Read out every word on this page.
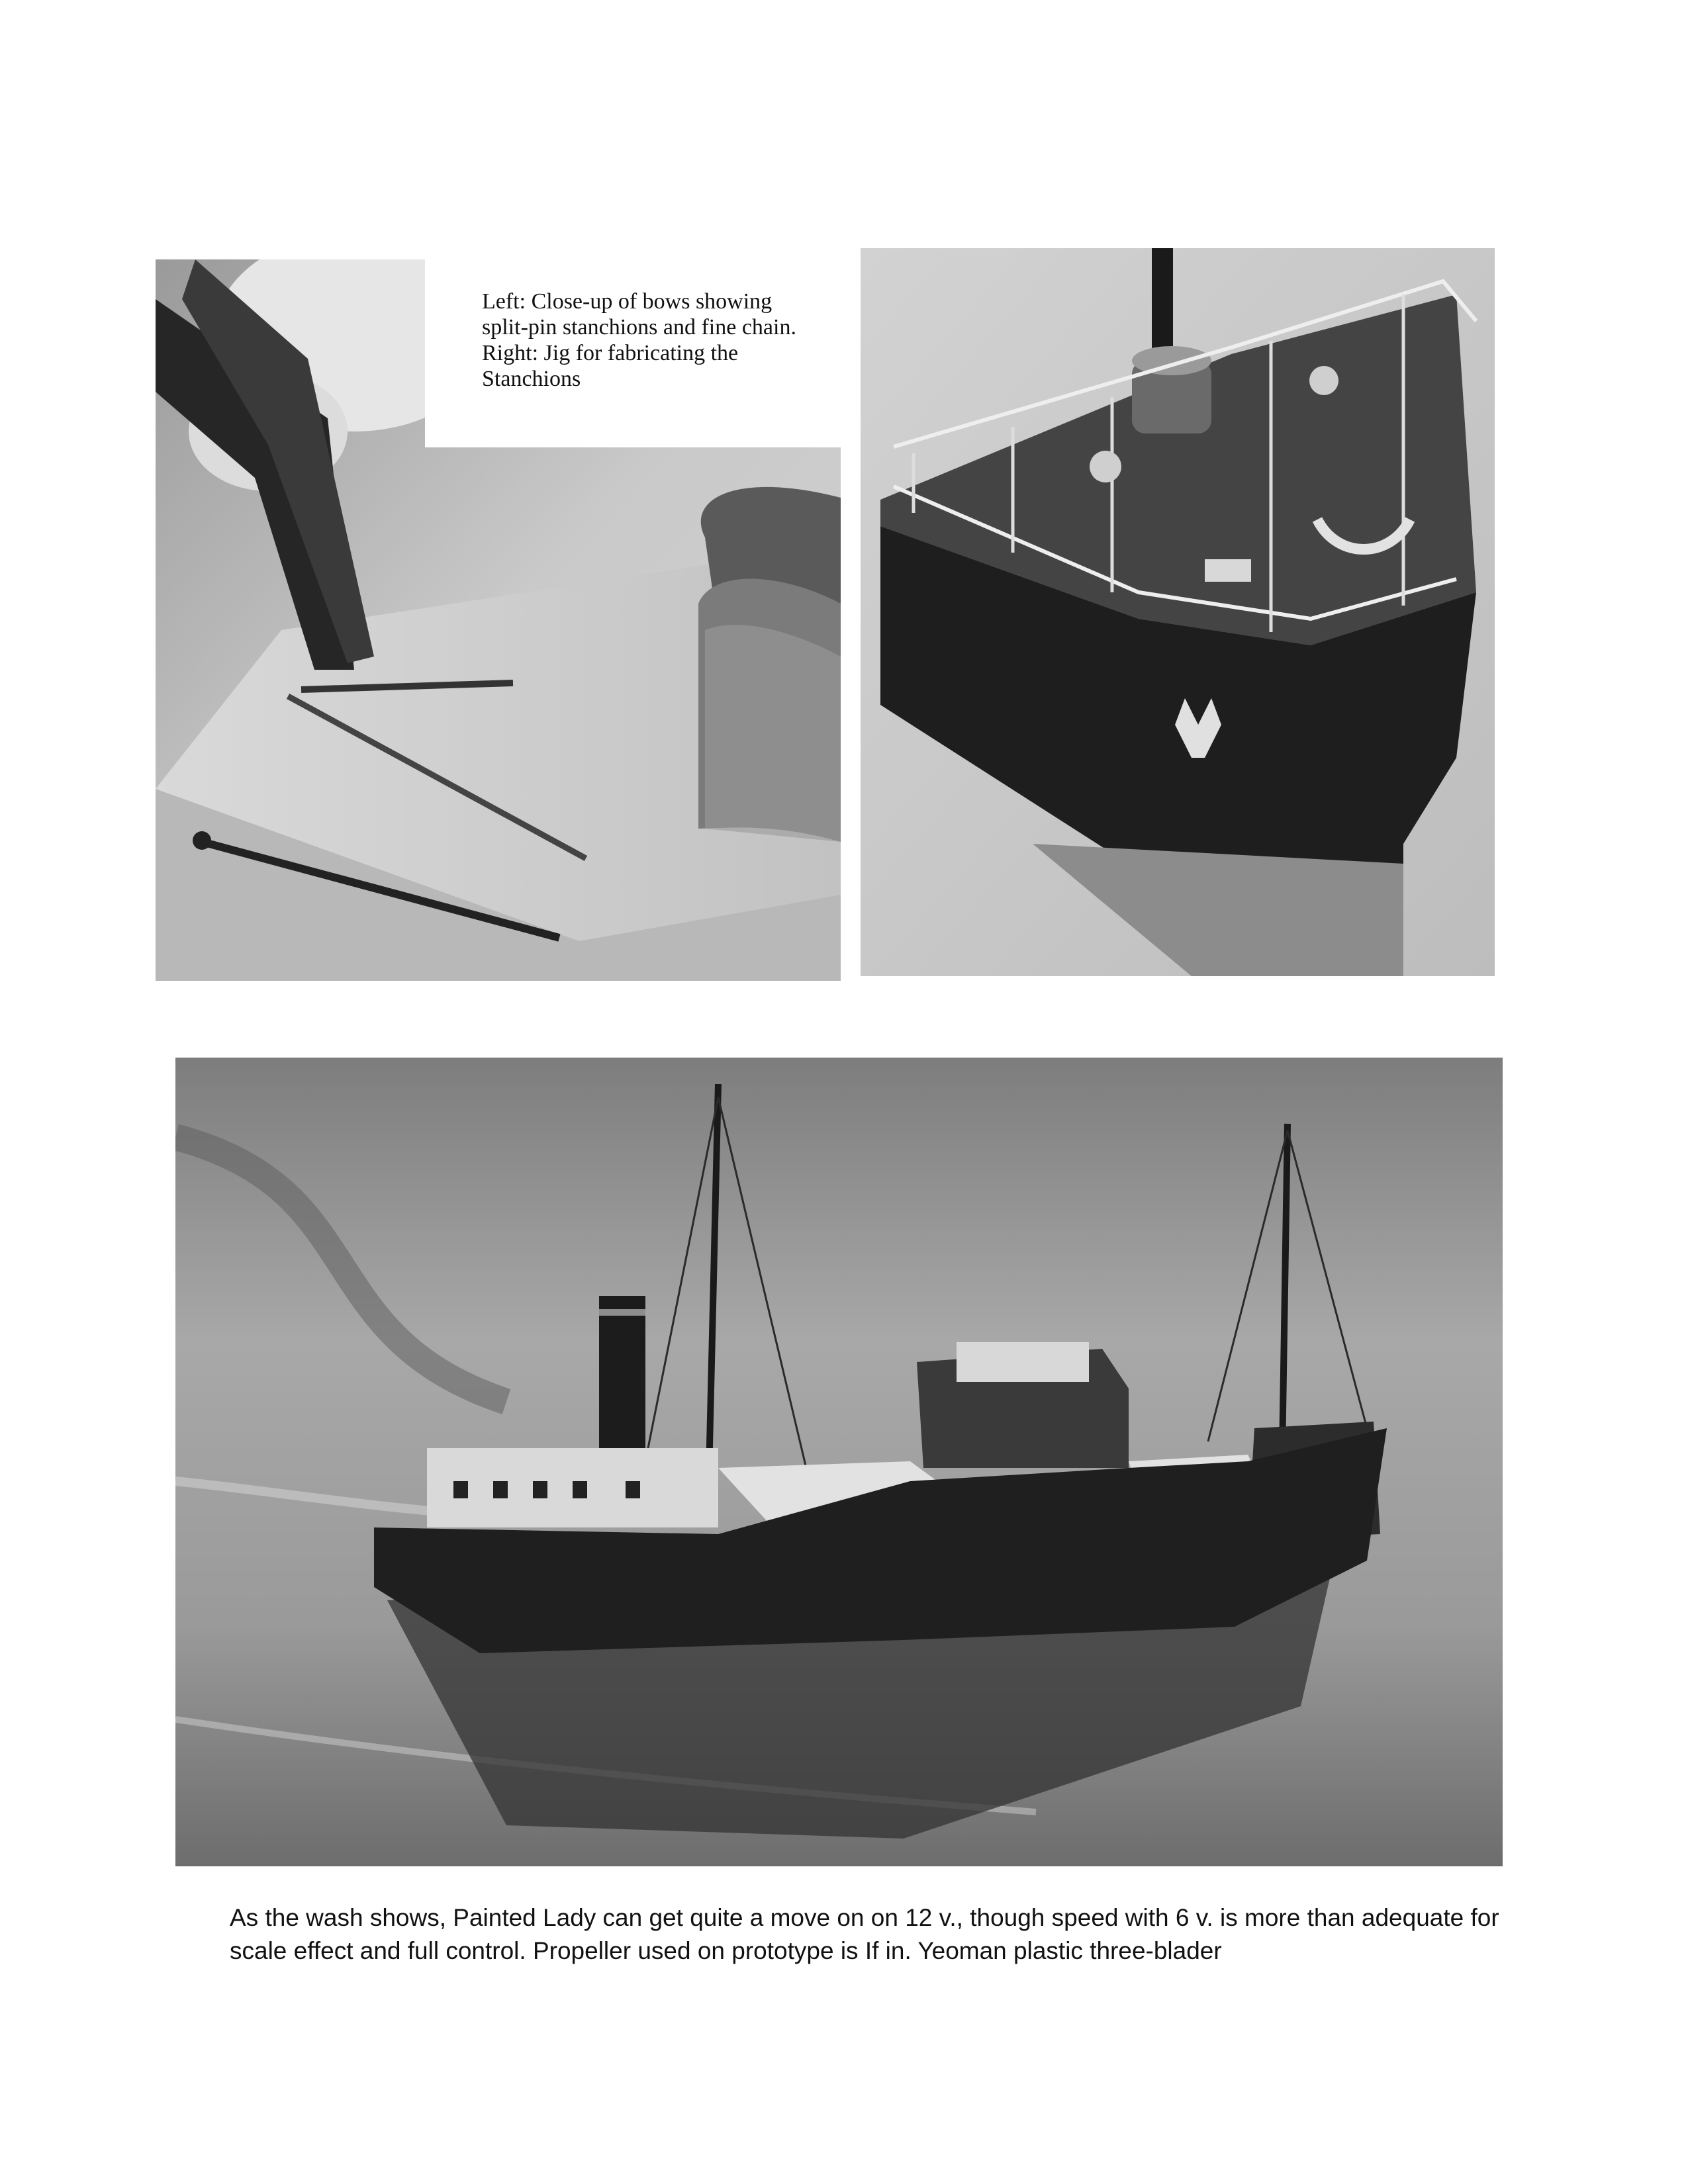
Left: Close-up of bows showing
split-pin stanchions and fine chain.
Right: Jig for fabricating the
Stanchions

As the wash shows, Painted Lady can get quite a move on on 12 v., though speed with 6 v. is more than adequate for
scale effect and full control. Propeller used on prototype is If in. Yeoman plastic three-blader
